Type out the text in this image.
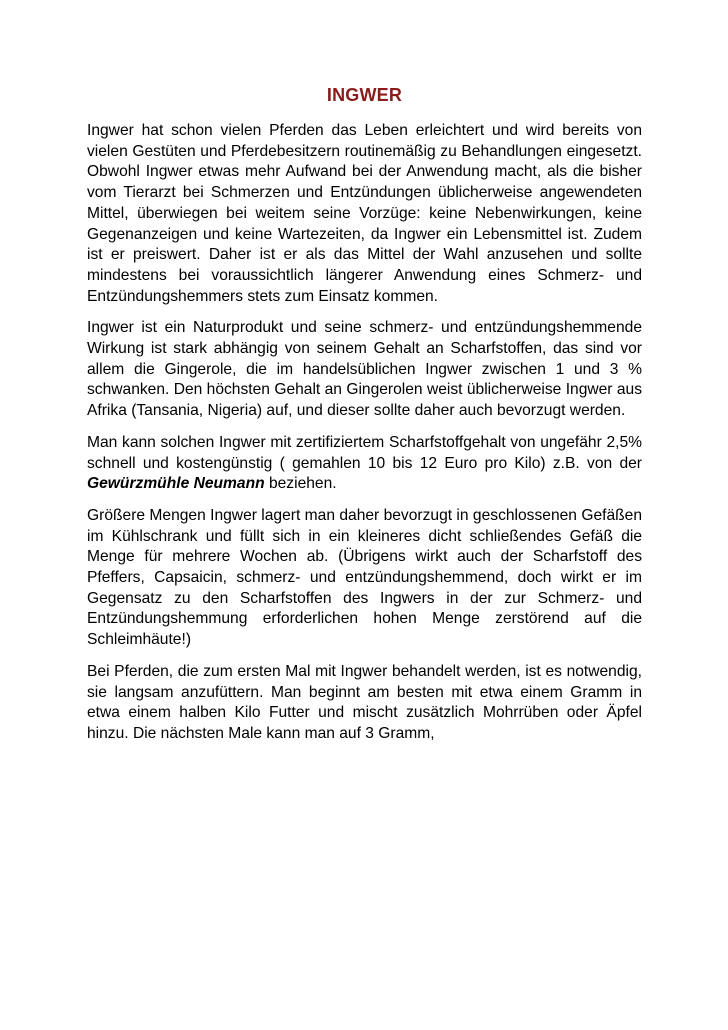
INGWER

Ingwer hat schon vielen Pferden das Leben erleichtert und wird bereits von vielen Gestüten und Pferdebesitzern routinemäßig zu Behandlungen eingesetzt. Obwohl Ingwer etwas mehr Aufwand bei der Anwendung macht, als die bisher vom Tierarzt bei Schmerzen und Entzündungen üblicherweise angewendeten Mittel, überwiegen bei weitem seine Vorzüge: keine Nebenwirkungen, keine Gegenanzeigen und keine Wartezeiten, da Ingwer ein Lebensmittel ist. Zudem ist er preiswert. Daher ist er als das Mittel der Wahl anzusehen und sollte mindestens bei voraussichtlich längerer Anwendung eines Schmerz- und Entzündungshemmers stets zum Einsatz kommen.

Ingwer ist ein Naturprodukt und seine schmerz- und entzündungshemmende Wirkung ist stark abhängig von seinem Gehalt an Scharfstoffen, das sind vor allem die Gingerole, die im handelsüblichen Ingwer zwischen 1 und 3 % schwanken. Den höchsten Gehalt an Gingerolen weist üblicherweise Ingwer aus Afrika (Tansania, Nigeria) auf, und dieser sollte daher auch bevorzugt werden.

Man kann solchen Ingwer mit zertifiziertem Scharfstoffgehalt von ungefähr 2,5% schnell und kostengünstig ( gemahlen 10 bis 12 Euro pro Kilo) z.B. von der Gewürzmühle Neumann beziehen.

Größere Mengen Ingwer lagert man daher bevorzugt in geschlossenen Gefäßen im Kühlschrank und füllt sich in ein kleineres dicht schließendes Gefäß die Menge für mehrere Wochen ab. (Übrigens wirkt auch der Scharfstoff des Pfeffers, Capsaicin, schmerz- und entzündungshemmend, doch wirkt er im Gegensatz zu den Scharfstoffen des Ingwers in der zur Schmerz- und Entzündungshemmung erforderlichen hohen Menge zerstörend auf die Schleimhäute!)

Bei Pferden, die zum ersten Mal mit Ingwer behandelt werden, ist es notwendig, sie langsam anzufüttern. Man beginnt am besten mit etwa einem Gramm in etwa einem halben Kilo Futter und mischt zusätzlich Mohrrüben oder Äpfel hinzu. Die nächsten Male kann man auf 3 Gramm,
